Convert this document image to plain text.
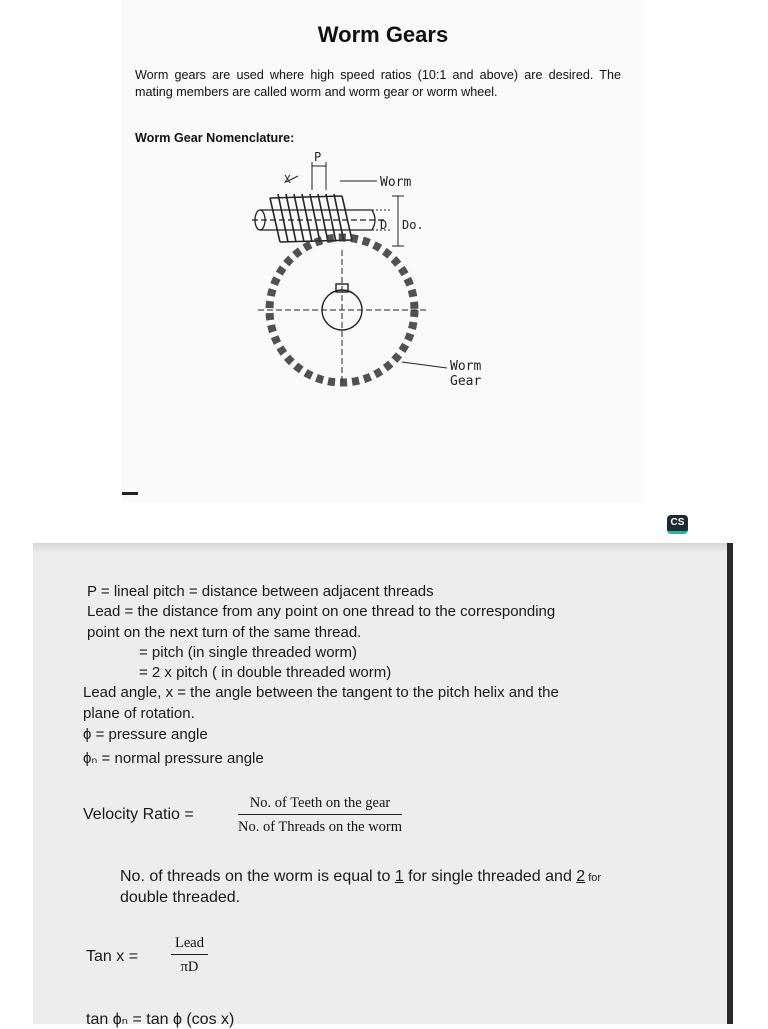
Worm Gears
Worm gears are used where high speed ratios (10:1 and above) are desired. The mating members are called worm and worm gear or worm wheel.
Worm Gear Nomenclature:
P
X	Worm
D Do.
Worm
Gear
CS
P = lineal pitch = distance between adjacent threads
Lead = the distance from any point on one thread to the corresponding
point on the next turn of the same thread.
= pitch (in single threaded worm)
= 2 x pitch ( in double threaded worm)
Lead angle, x = the angle between the tangent to the pitch helix and the
plane of rotation.
ϕ = pressure angle
ϕₙ = normal pressure angle
Velocity Ratio =
No. of Teeth on the gear
No. of Threads on the worm
No. of threads on the worm is equal to 1 for single threaded and 2 for
double threaded.
Tan x =
Lead
πD
tan ϕₙ = tan ϕ (cos x)
